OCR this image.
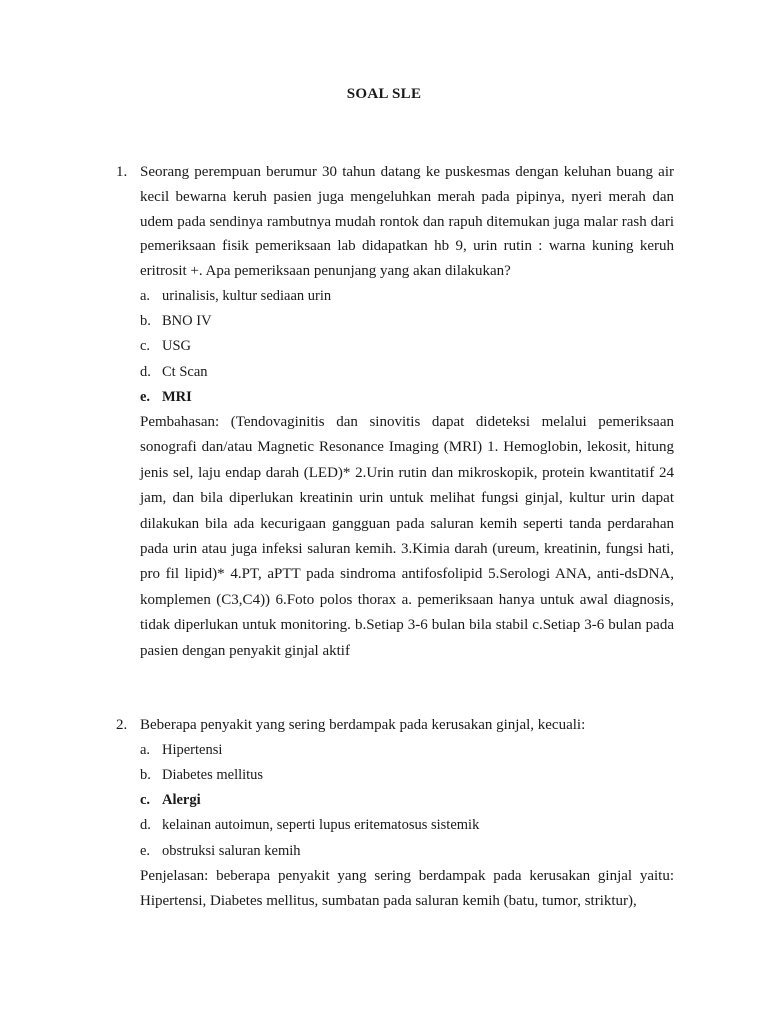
SOAL SLE
1. Seorang perempuan berumur 30 tahun datang ke puskesmas dengan keluhan buang air kecil bewarna keruh pasien juga mengeluhkan merah pada pipinya, nyeri merah dan udem pada sendinya rambutnya mudah rontok dan rapuh ditemukan juga malar rash dari pemeriksaan fisik pemeriksaan lab didapatkan hb 9, urin rutin : warna kuning keruh eritrosit +. Apa pemeriksaan penunjang yang akan dilakukan?

a. urinalisis, kultur sediaan urin
b. BNO IV
c. USG
d. Ct Scan
e. MRI

Pembahasan: (Tendovaginitis dan sinovitis dapat dideteksi melalui pemeriksaan sonografi dan/atau Magnetic Resonance Imaging (MRI) 1. Hemoglobin, lekosit, hitung jenis sel, laju endap darah (LED)* 2.Urin rutin dan mikroskopik, protein kwantitatif 24 jam, dan bila diperlukan kreatinin urin untuk melihat fungsi ginjal, kultur urin dapat dilakukan bila ada kecurigaan gangguan pada saluran kemih seperti tanda perdarahan pada urin atau juga infeksi saluran kemih. 3.Kimia darah (ureum, kreatinin, fungsi hati, pro fil lipid)* 4.PT, aPTT pada sindroma antifosfolipid 5.Serologi ANA, anti-dsDNA, komplemen (C3,C4)) 6.Foto polos thorax a. pemeriksaan hanya untuk awal diagnosis, tidak diperlukan untuk monitoring. b.Setiap 3-6 bulan bila stabil c.Setiap 3-6 bulan pada pasien dengan penyakit ginjal aktif

2. Beberapa penyakit yang sering berdampak pada kerusakan ginjal, kecuali:

a. Hipertensi
b. Diabetes mellitus
c. Alergi
d. kelainan autoimun, seperti lupus eritematosus sistemik
e. obstruksi saluran kemih

Penjelasan: beberapa penyakit yang sering berdampak pada kerusakan ginjal yaitu: Hipertensi, Diabetes mellitus, sumbatan pada saluran kemih (batu, tumor, striktur),
